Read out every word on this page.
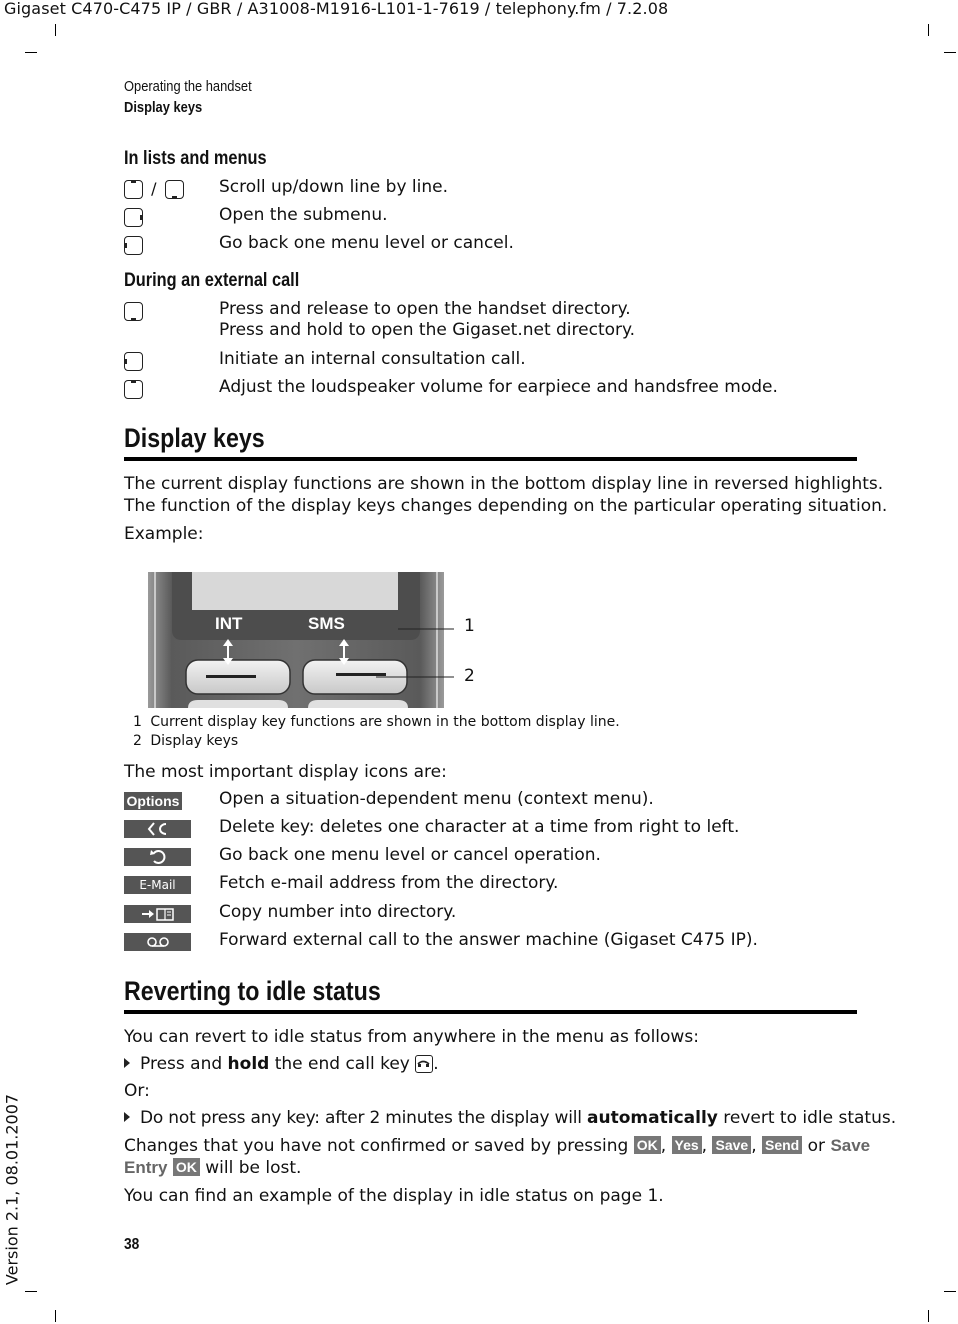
Gigaset C470-C475 IP / GBR / A31008-M1916-L101-1-7619 / telephony.fm / 7.2.08
Operating the handset
Display keys
In lists and menus
/	Scroll up/down line by line.
Open the submenu.
Go back one menu level or cancel.
During an external call
Press and release to open the handset directory.
Press and hold to open the Gigaset.net directory.
Initiate an internal consultation call.
Adjust the loudspeaker volume for earpiece and handsfree mode.
Display keys
The current display functions are shown in the bottom display line in reversed highlights.
The function of the display keys changes depending on the particular operating situation.
Example:
INT	SMS	1
2
1 Current display key functions are shown in the bottom display line.
2 Display keys
The most important display icons are:
Options Open a situation-dependent menu (context menu).
Delete key: deletes one character at a time from right to left.
Go back one menu level or cancel operation.
E-Mail	Fetch e-mail address from the directory.
Copy number into directory.
Forward external call to the answer machine (Gigaset C475 IP).
Reverting to idle status
You can revert to idle status from anywhere in the menu as follows:
Press and hold the end call key
.
Or:
Do not press any key: after 2 minutes the display will automatically revert to idle status.
Changes that you have not confirmed or saved by pressing OK , Yes , Save , Send or Save
Entry OK will be lost.
You can find an example of the display in idle status on page 1.
38
Version 2.1, 08.01.2007
